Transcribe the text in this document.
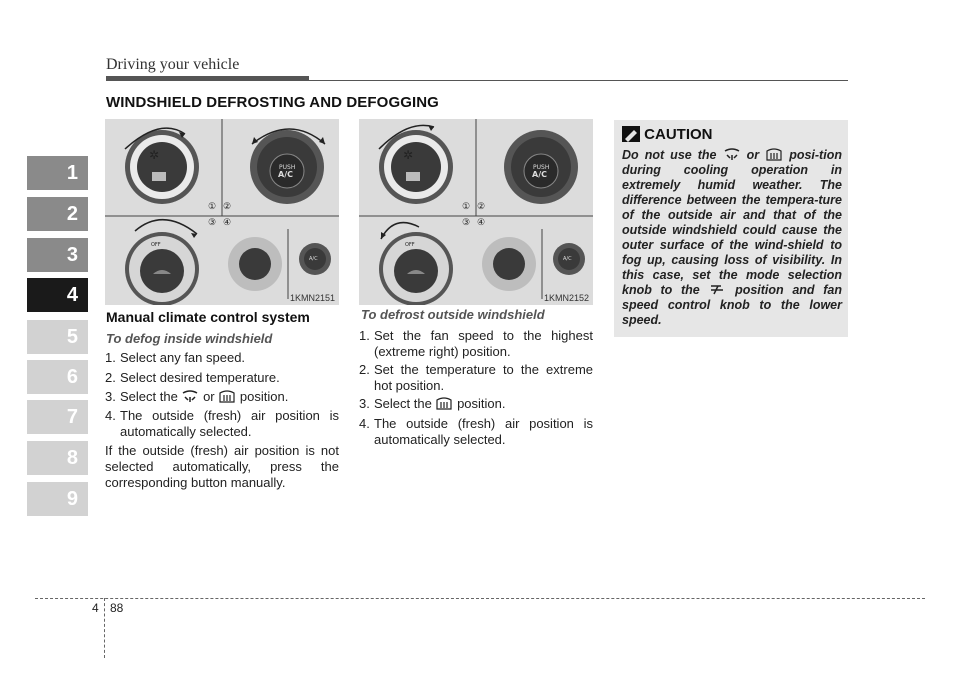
Driving your vehicle
WINDSHIELD DEFROSTING AND DEFOGGING
1
2
3
4
5
6
7
8
9
✲
PUSH
A/C
① ②
③ ④
OFF
A/C
1KMN2151
✲
PUSH
A/C
① ②
③ ④
OFF
A/C
1KMN2152
Manual climate control system
To defog inside windshield
1. Select any fan speed.
2. Select desired temperature.
3. Select the or position.
4. The outside (fresh) air position is automatically selected.
If the outside (fresh) air position is not selected automatically, press the corresponding button manually.
To defrost outside windshield
1. Set the fan speed to the highest (extreme right) position.
2. Set the temperature to the extreme hot position.
3. Select the position.
4. The outside (fresh) air position is automatically selected.
CAUTION
Do not use the or posi-tion during cooling operation in extremely humid weather. The difference between the tempera-ture of the outside air and that of the outside windshield could cause the outer surface of the wind-shield to fog up, causing loss of visibility. In this case, set the mode selection knob to the	position and fan speed control knob to the lower speed.
4 88
